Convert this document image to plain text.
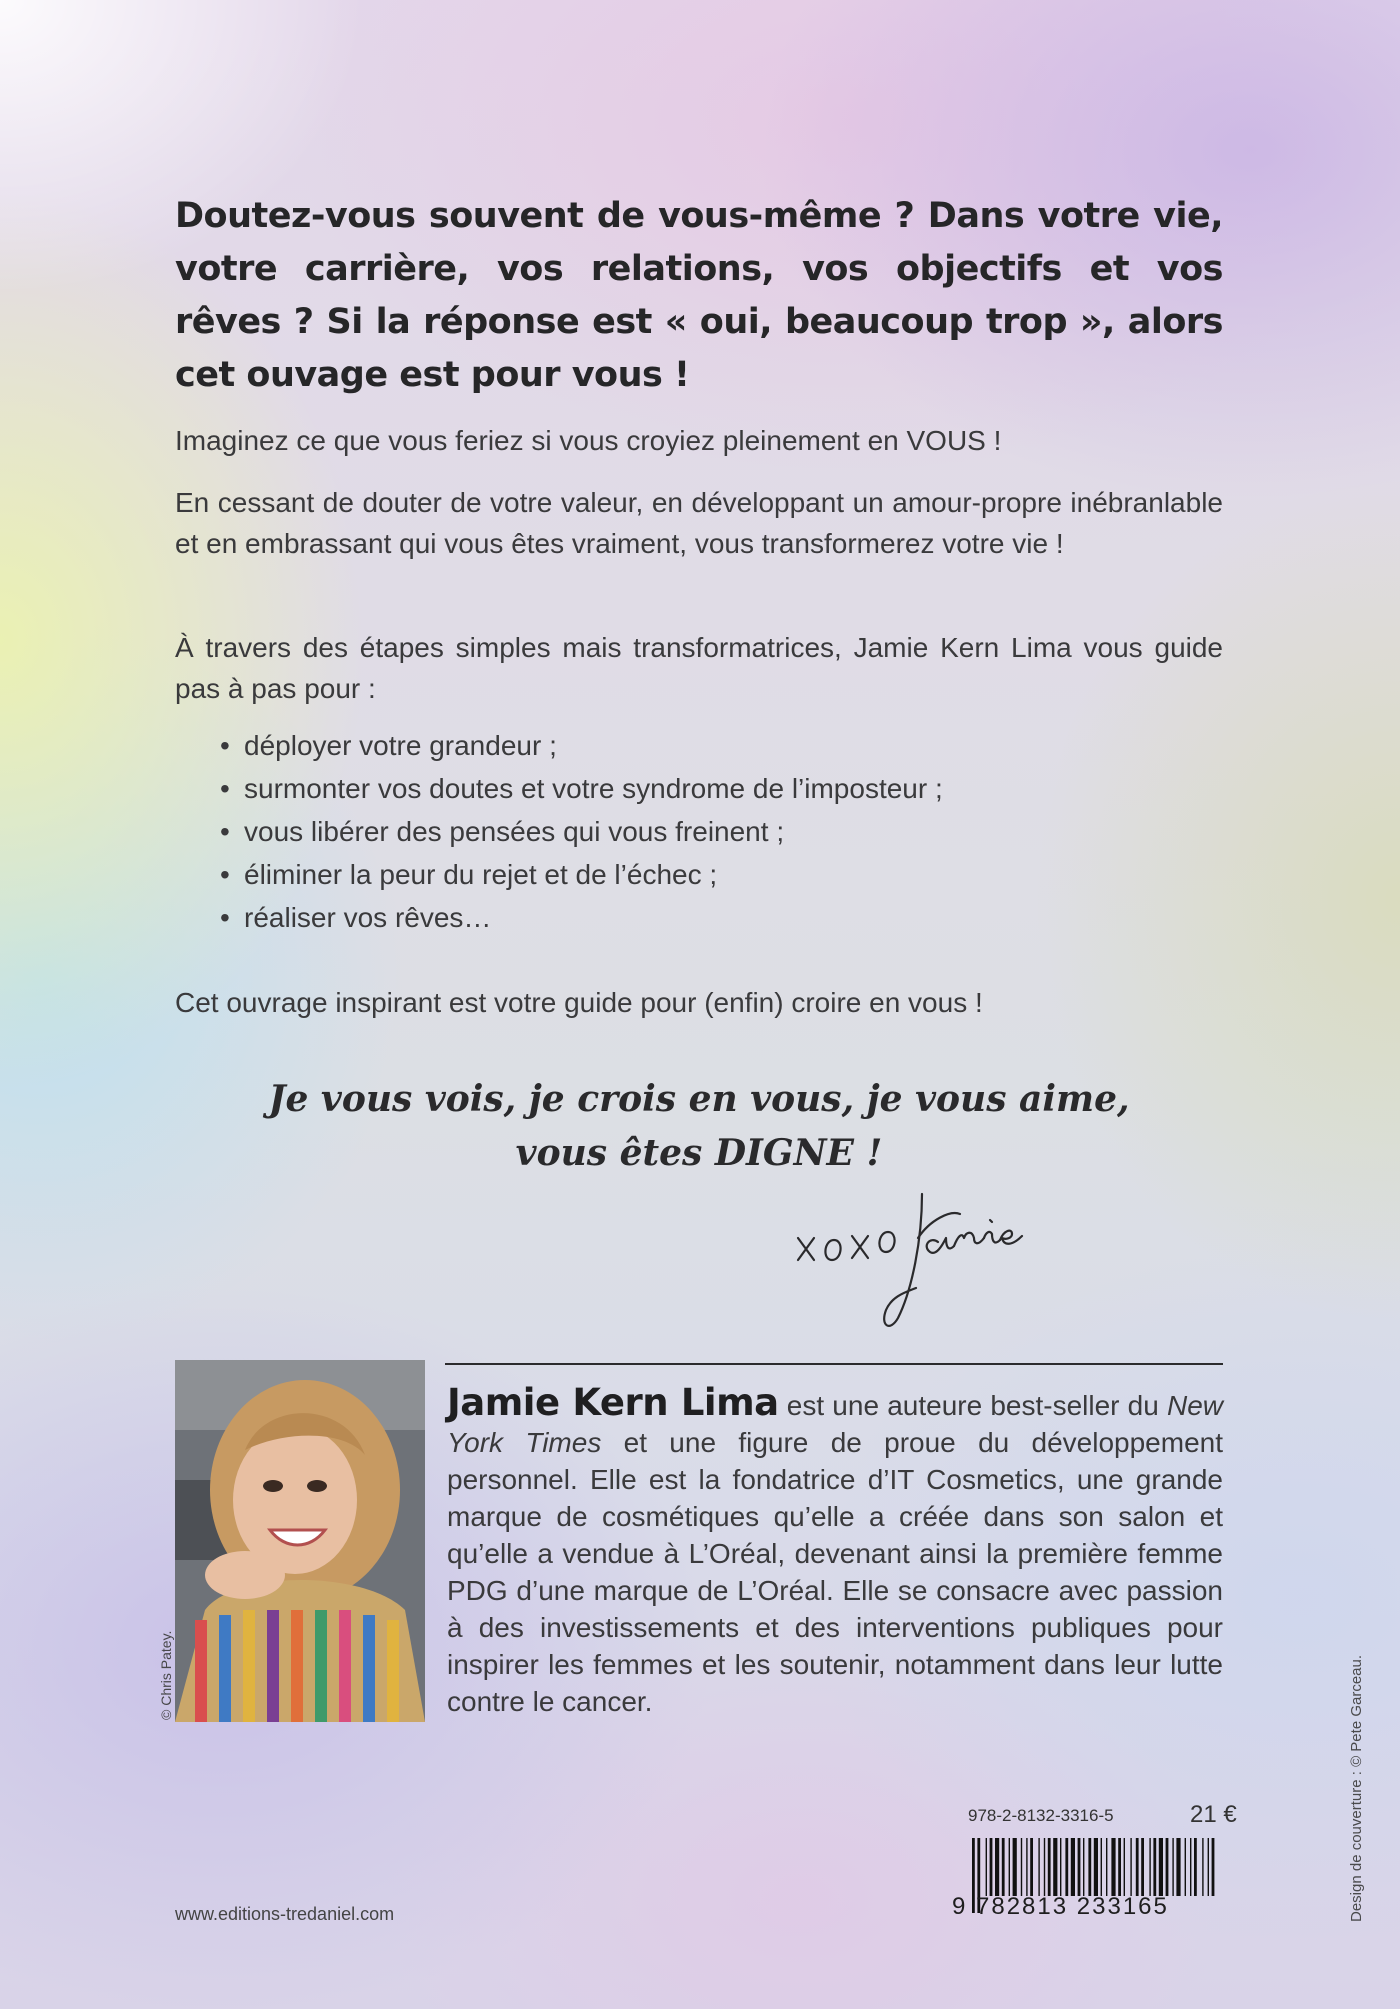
Doutez-vous souvent de vous-même ? Dans votre vie, votre carrière, vos relations, vos objectifs et vos rêves ? Si la réponse est « oui, beaucoup trop », alors cet ouvage est pour vous !

Imaginez ce que vous feriez si vous croyiez pleinement en VOUS !

En cessant de douter de votre valeur, en développant un amour-propre inébranlable et en embrassant qui vous êtes vraiment, vous transformerez votre vie !

À travers des étapes simples mais transformatrices, Jamie Kern Lima vous guide pas à pas pour :

• déployer votre grandeur ;
• surmonter vos doutes et votre syndrome de l’imposteur ;
• vous libérer des pensées qui vous freinent ;
• éliminer la peur du rejet et de l’échec ;
• réaliser vos rêves…

Cet ouvrage inspirant est votre guide pour (enfin) croire en vous !

Je vous vois, je crois en vous, je vous aime,
vous êtes DIGNE !

© Chris Patey.

Jamie Kern Lima est une auteure best-seller du New York Times et une figure de proue du développement personnel. Elle est la fondatrice d’IT Cosmetics, une grande marque de cosmétiques qu’elle a créée dans son salon et qu’elle a vendue à L’Oréal, devenant ainsi la première femme PDG d’une marque de L’Oréal. Elle se consacre avec passion à des investissements et des interventions publiques pour inspirer les femmes et les soutenir, notamment dans leur lutte contre le cancer.

978-2-8132-3316-5	21 €
9 782813 233165
www.editions-tredaniel.com	Design de couverture : © Pete Garceau.
